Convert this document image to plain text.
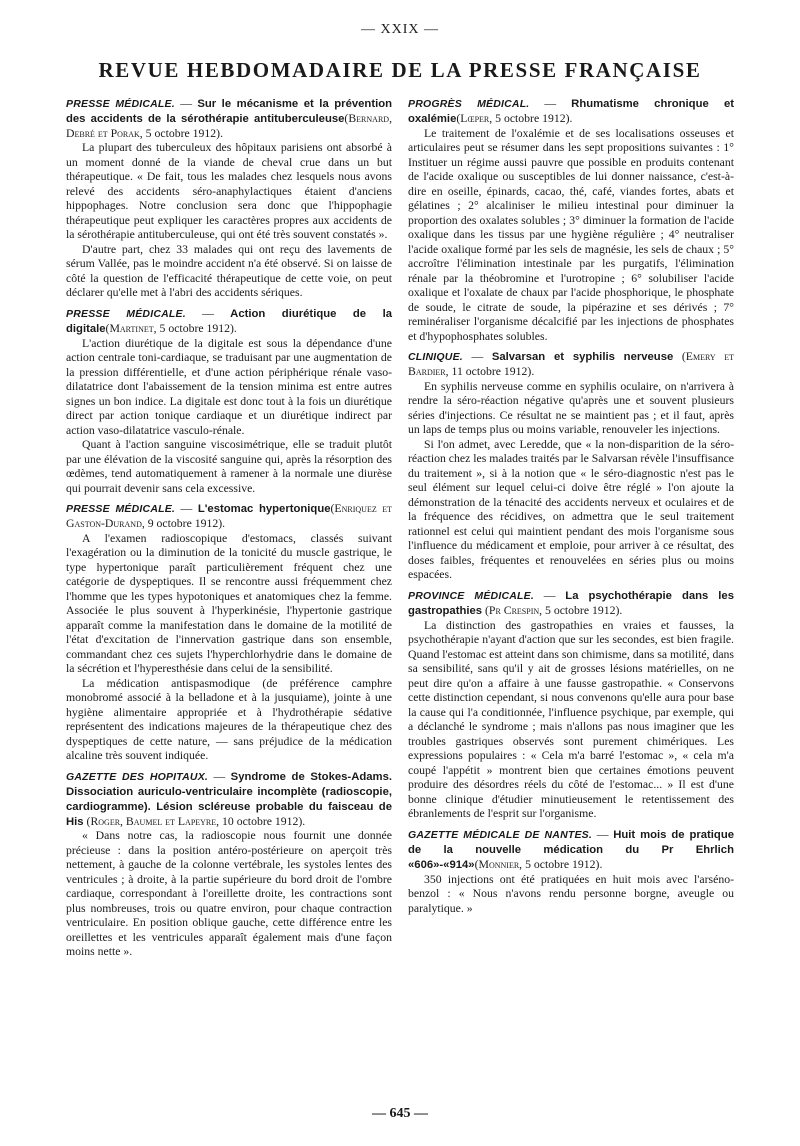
— XXIX —
REVUE HEBDOMADAIRE DE LA PRESSE FRANÇAISE
PRESSE MÉDICALE. — Sur le mécanisme et la prévention des accidents de la sérothérapie antituberculeuse(Bernard, Debré et Porak, 5 octobre 1912).

La plupart des tuberculeux des hôpitaux parisiens ont absorbé à un moment donné de la viande de cheval crue dans un but thérapeutique. « De fait, tous les malades chez lesquels nous avons relevé des accidents séro-anaphylactiques étaient d'anciens hippophages. Notre conclusion sera donc que l'hippophagie thérapeutique peut expliquer les caractères propres aux accidents de la sérothérapie antituberculeuse, qui ont été très souvent constatés ».

D'autre part, chez 33 malades qui ont reçu des lavements de sérum Vallée, pas le moindre accident n'a été observé. Si on laisse de côté la question de l'efficacité thérapeutique de cette voie, on peut déclarer qu'elle met à l'abri des accidents sériques.

PRESSE MÉDICALE. — Action diurétique de la digitale(Martinet, 5 octobre 1912).

L'action diurétique de la digitale est sous la dépendance d'une action centrale toni-cardiaque, se traduisant par une augmentation de la pression différentielle, et d'une action périphérique rénale vaso-dilatatrice dont l'abaissement de la tension minima est entre autres signes un bon indice. La digitale est donc tout à la fois un diurétique direct par action tonique cardiaque et un diurétique indirect par action vaso-dilatatrice vasculo-rénale.

Quant à l'action sanguine viscosimétrique, elle se traduit plutôt par une élévation de la viscosité sanguine qui, après la résorption des œdèmes, tend automatiquement à ramener à la normale une diurèse qui pourrait devenir sans cela excessive.

PRESSE MÉDICALE. — L'estomac hypertonique(Enriquez et Gaston-Durand, 9 octobre 1912).

A l'examen radioscopique d'estomacs, classés suivant l'exagération ou la diminution de la tonicité du muscle gastrique, le type hypertonique paraît particulièrement fréquent chez une catégorie de dyspeptiques. Il se rencontre aussi fréquemment chez l'homme que les types hypotoniques et anatomiques chez la femme. Associée le plus souvent à l'hyperkinésie, l'hypertonie gastrique apparaît comme la manifestation dans le domaine de la motilité de l'état d'excitation de l'innervation gastrique dans son ensemble, commandant chez ces sujets l'hyperchlorhydrie dans le domaine de la sécrétion et l'hyperesthésie dans celui de la sensibilité.

La médication antispasmodique (de préférence camphre monobromé associé à la belladone et à la jusquiame), jointe à une hygiène alimentaire appropriée et à l'hydrothérapie sédative représentent des indications majeures de la thérapeutique chez des dyspeptiques de cette nature, — sans préjudice de la médication alcaline très souvent indiquée.

GAZETTE DES HOPITAUX. — Syndrome de Stokes-Adams. Dissociation auriculo-ventriculaire incomplète (radioscopie, cardiogramme). Lésion scléreuse probable du faisceau de His (Roger, Baumel et Lapeyre, 10 octobre 1912).

« Dans notre cas, la radioscopie nous fournit une donnée précieuse : dans la position antéro-postérieure on aperçoit très nettement, à gauche de la colonne vertébrale, les systoles lentes des ventricules ; à droite, à la partie supérieure du bord droit de l'ombre cardiaque, correspondant à l'oreillette droite, les contractions sont plus nombreuses, trois ou quatre environ, pour chaque contraction ventriculaire. En position oblique gauche, cette différence entre les oreillettes et les ventricules apparaît également mais d'une façon moins nette ».

PROGRÈS MÉDICAL. — Rhumatisme chronique et oxalémie(Lœper, 5 octobre 1912).

Le traitement de l'oxalémie et de ses localisations osseuses et articulaires peut se résumer dans les sept propositions suivantes : 1° Instituer un régime aussi pauvre que possible en produits contenant de l'acide oxalique ou susceptibles de lui donner naissance, c'est-à-dire en oseille, épinards, cacao, thé, café, viandes fortes, abats et gélatines ; 2° alcaliniser le milieu intestinal pour diminuer la proportion des oxalates solubles ; 3° diminuer la formation de l'acide oxalique dans les tissus par une hygiène régulière ; 4° neutraliser l'acide oxalique formé par les sels de magnésie, les sels de chaux ; 5° accroître l'élimination intestinale par les purgatifs, l'élimination rénale par la théobromine et l'urotropine ; 6° solubiliser l'acide oxalique et l'oxalate de chaux par l'acide phosphorique, le phosphate de soude, le citrate de soude, la pipérazine et ses dérivés ; 7° reminéraliser l'organisme décalcifié par les injections de phosphates et d'hypophosphates solubles.

CLINIQUE. — Salvarsan et syphilis nerveuse (Emery et Bardier, 11 octobre 1912).

En syphilis nerveuse comme en syphilis oculaire, on n'arrivera à rendre la séro-réaction négative qu'après une et souvent plusieurs séries d'injections. Ce résultat ne se maintient pas ; et il faut, après un laps de temps plus ou moins variable, renouveler les injections.

Si l'on admet, avec Leredde, que « la non-disparition de la séro-réaction chez les malades traités par le Salvarsan révèle l'insuffisance du traitement », si à la notion que « le séro-diagnostic n'est pas le seul élément sur lequel celui-ci doive être réglé » l'on ajoute la démonstration de la ténacité des accidents nerveux et oculaires et de la fréquence des récidives, on admettra que le seul traitement rationnel est celui qui maintient pendant des mois l'organisme sous l'influence du médicament et emploie, pour arriver à ce résultat, des doses faibles, fréquentes et renouvelées en séries plus ou moins espacées.

PROVINCE MÉDICALE. — La psychothérapie dans les gastropathies (Pr Crespin, 5 octobre 1912).

La distinction des gastropathies en vraies et fausses, la psychothérapie n'ayant d'action que sur les secondes, est bien fragile. Quand l'estomac est atteint dans son chimisme, dans sa motilité, dans sa sensibilité, sans qu'il y ait de grosses lésions matérielles, on ne peut dire qu'on a affaire à une fausse gastropathie. « Conservons cette distinction cependant, si nous convenons qu'elle aura pour base la cause qui l'a conditionnée, l'influence psychique, par exemple, qui a déclanché le syndrome ; mais n'allons pas nous imaginer que les troubles gastriques observés sont purement chimériques. Les expressions populaires : « Cela m'a barré l'estomac », « cela m'a coupé l'appétit » montrent bien que certaines émotions peuvent produire des désordres réels du côté de l'estomac... » Il est d'une bonne clinique d'étudier minutieusement le retentissement des ébranlements de l'esprit sur l'organisme.

GAZETTE MÉDICALE DE NANTES. — Huit mois de pratique de la nouvelle médication du Pr Ehrlich «606»-«914»(Monnier, 5 octobre 1912).

350 injections ont été pratiquées en huit mois avec l'arséno-benzol : « Nous n'avons rendu personne borgne, aveugle ou paralytique. »

— 645 —
